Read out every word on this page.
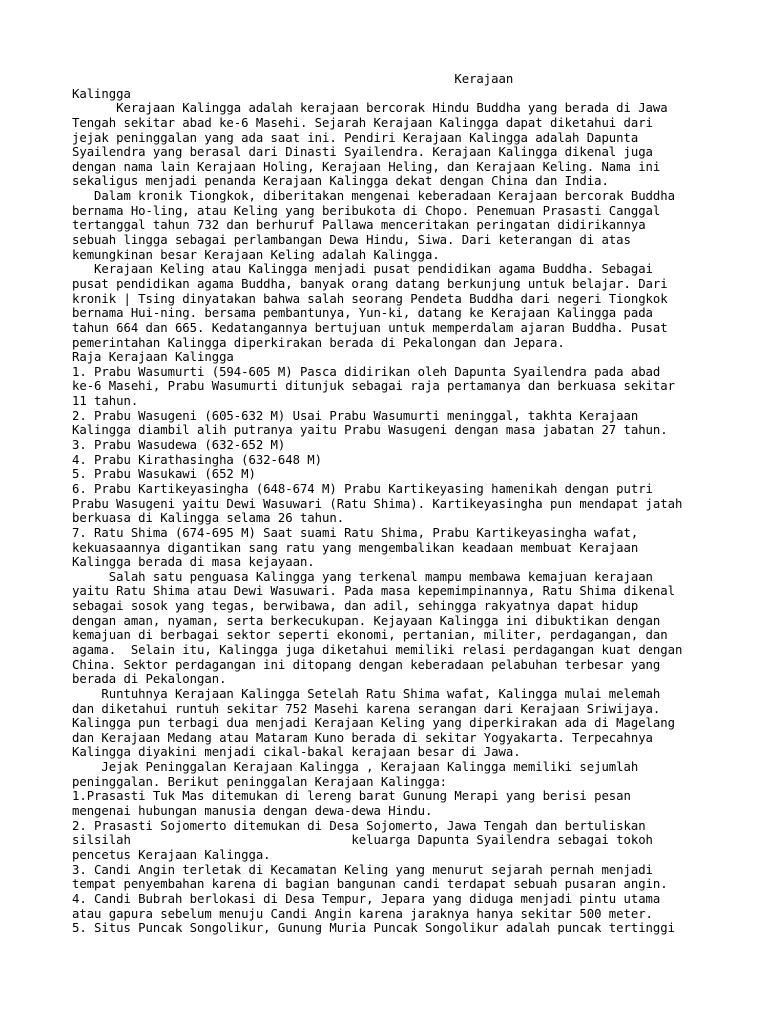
Kerajaan
Kalingga
Kerajaan Kalingga adalah kerajaan bercorak Hindu Buddha yang berada di Jawa
Tengah sekitar abad ke-6 Masehi. Sejarah Kerajaan Kalingga dapat diketahui dari
jejak peninggalan yang ada saat ini. Pendiri Kerajaan Kalingga adalah Dapunta
Syailendra yang berasal dari Dinasti Syailendra. Kerajaan Kalingga dikenal juga
dengan nama lain Kerajaan Holing, Kerajaan Heling, dan Kerajaan Keling. Nama ini
sekaligus menjadi penanda Kerajaan Kalingga dekat dengan China dan India.
Dalam kronik Tiongkok, diberitakan mengenai keberadaan Kerajaan bercorak Buddha
bernama Ho-ling, atau Keling yang beribukota di Chopo. Penemuan Prasasti Canggal
tertanggal tahun 732 dan berhuruf Pallawa menceritakan peringatan didirikannya
sebuah lingga sebagai perlambangan Dewa Hindu, Siwa. Dari keterangan di atas
kemungkinan besar Kerajaan Keling adalah Kalingga.
Kerajaan Keling atau Kalingga menjadi pusat pendidikan agama Buddha. Sebagai
pusat pendidikan agama Buddha, banyak orang datang berkunjung untuk belajar. Dari
kronik | Tsing dinyatakan bahwa salah seorang Pendeta Buddha dari negeri Tiongkok
bernama Hui-ning. bersama pembantunya, Yun-ki, datang ke Kerajaan Kalingga pada
tahun 664 dan 665. Kedatangannya bertujuan untuk memperdalam ajaran Buddha. Pusat
pemerintahan Kalingga diperkirakan berada di Pekalongan dan Jepara.
Raja Kerajaan Kalingga
1. Prabu Wasumurti (594-605 M) Pasca didirikan oleh Dapunta Syailendra pada abad
ke-6 Masehi, Prabu Wasumurti ditunjuk sebagai raja pertamanya dan berkuasa sekitar
11 tahun.
2. Prabu Wasugeni (605-632 M) Usai Prabu Wasumurti meninggal, takhta Kerajaan
Kalingga diambil alih putranya yaitu Prabu Wasugeni dengan masa jabatan 27 tahun.
3. Prabu Wasudewa (632-652 M)
4. Prabu Kirathasingha (632-648 M)
5. Prabu Wasukawi (652 M)
6. Prabu Kartikeyasingha (648-674 M) Prabu Kartikeyasing hamenikah dengan putri
Prabu Wasugeni yaitu Dewi Wasuwari (Ratu Shima). Kartikeyasingha pun mendapat jatah
berkuasa di Kalingga selama 26 tahun.
7. Ratu Shima (674-695 M) Saat suami Ratu Shima, Prabu Kartikeyasingha wafat,
kekuasaannya digantikan sang ratu yang mengembalikan keadaan membuat Kerajaan
Kalingga berada di masa kejayaan.
Salah satu penguasa Kalingga yang terkenal mampu membawa kemajuan kerajaan
yaitu Ratu Shima atau Dewi Wasuwari. Pada masa kepemimpinannya, Ratu Shima dikenal
sebagai sosok yang tegas, berwibawa, dan adil, sehingga rakyatnya dapat hidup
dengan aman, nyaman, serta berkecukupan. Kejayaan Kalingga ini dibuktikan dengan
kemajuan di berbagai sektor seperti ekonomi, pertanian, militer, perdagangan, dan
agama.  Selain itu, Kalingga juga diketahui memiliki relasi perdagangan kuat dengan
China. Sektor perdagangan ini ditopang dengan keberadaan pelabuhan terbesar yang
berada di Pekalongan.
Runtuhnya Kerajaan Kalingga Setelah Ratu Shima wafat, Kalingga mulai melemah
dan diketahui runtuh sekitar 752 Masehi karena serangan dari Kerajaan Sriwijaya.
Kalingga pun terbagi dua menjadi Kerajaan Keling yang diperkirakan ada di Magelang
dan Kerajaan Medang atau Mataram Kuno berada di sekitar Yogyakarta. Terpecahnya
Kalingga diyakini menjadi cikal-bakal kerajaan besar di Jawa.
Jejak Peninggalan Kerajaan Kalingga , Kerajaan Kalingga memiliki sejumlah
peninggalan. Berikut peninggalan Kerajaan Kalingga:
1.Prasasti Tuk Mas ditemukan di lereng barat Gunung Merapi yang berisi pesan
mengenai hubungan manusia dengan dewa-dewa Hindu.
2. Prasasti Sojomerto ditemukan di Desa Sojomerto, Jawa Tengah dan bertuliskan
silsilah                              keluarga Dapunta Syailendra sebagai tokoh
pencetus Kerajaan Kalingga.
3. Candi Angin terletak di Kecamatan Keling yang menurut sejarah pernah menjadi
tempat penyembahan karena di bagian bangunan candi terdapat sebuah pusaran angin.
4. Candi Bubrah berlokasi di Desa Tempur, Jepara yang diduga menjadi pintu utama
atau gapura sebelum menuju Candi Angin karena jaraknya hanya sekitar 500 meter.
5. Situs Puncak Songolikur, Gunung Muria Puncak Songolikur adalah puncak tertinggi
